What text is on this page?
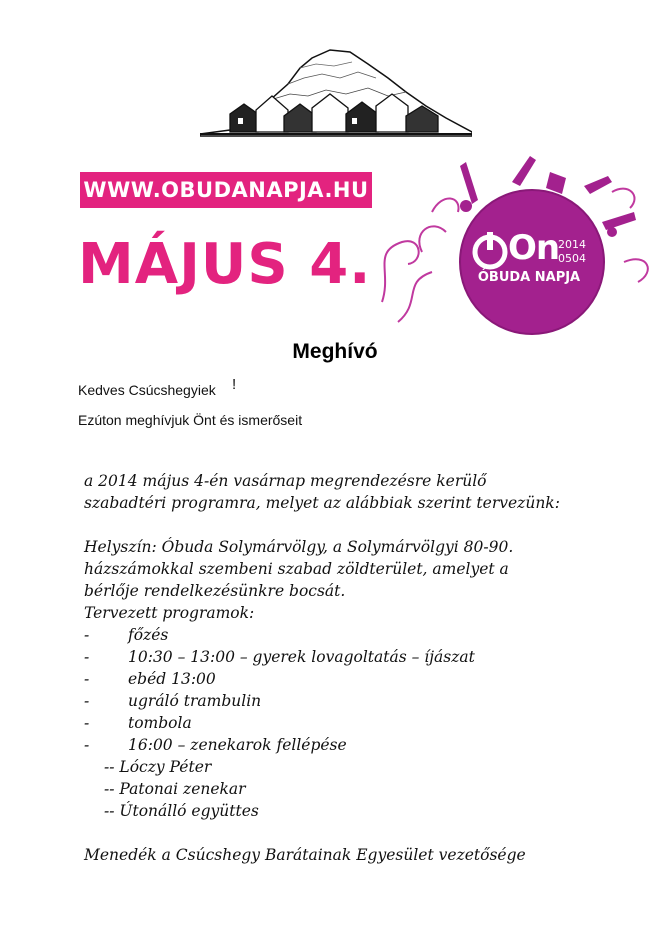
WWW.OBUDANAPJA.HU
MÁJUS 4.	On
2014
0504
ÓBUDA NAPJA
Meghívó
Kedves Csúcshegyiek !
Ezúton meghívjuk Önt és ismerőseit

a 2014 május 4-én vasárnap megrendezésre kerülő

szabadtéri programra, melyet az alábbiak szerint tervezünk:

Helyszín: Óbuda Solymárvölgy, a Solymárvölgyi 80-90.

házszámokkal szembeni szabad zöldterület, amelyet a

bérlője rendelkezésünkre bocsát.

Tervezett programok:

-	főzés
-	10:30 – 13:00 – gyerek lovagoltatás – íjászat
-	ebéd 13:00
-	ugráló trambulin
-	tombola
-	16:00 – zenekarok fellépése

-- Lóczy Péter

-- Patonai zenekar

-- Útonálló együttes

Menedék a Csúcshegy Barátainak Egyesület vezetősége
